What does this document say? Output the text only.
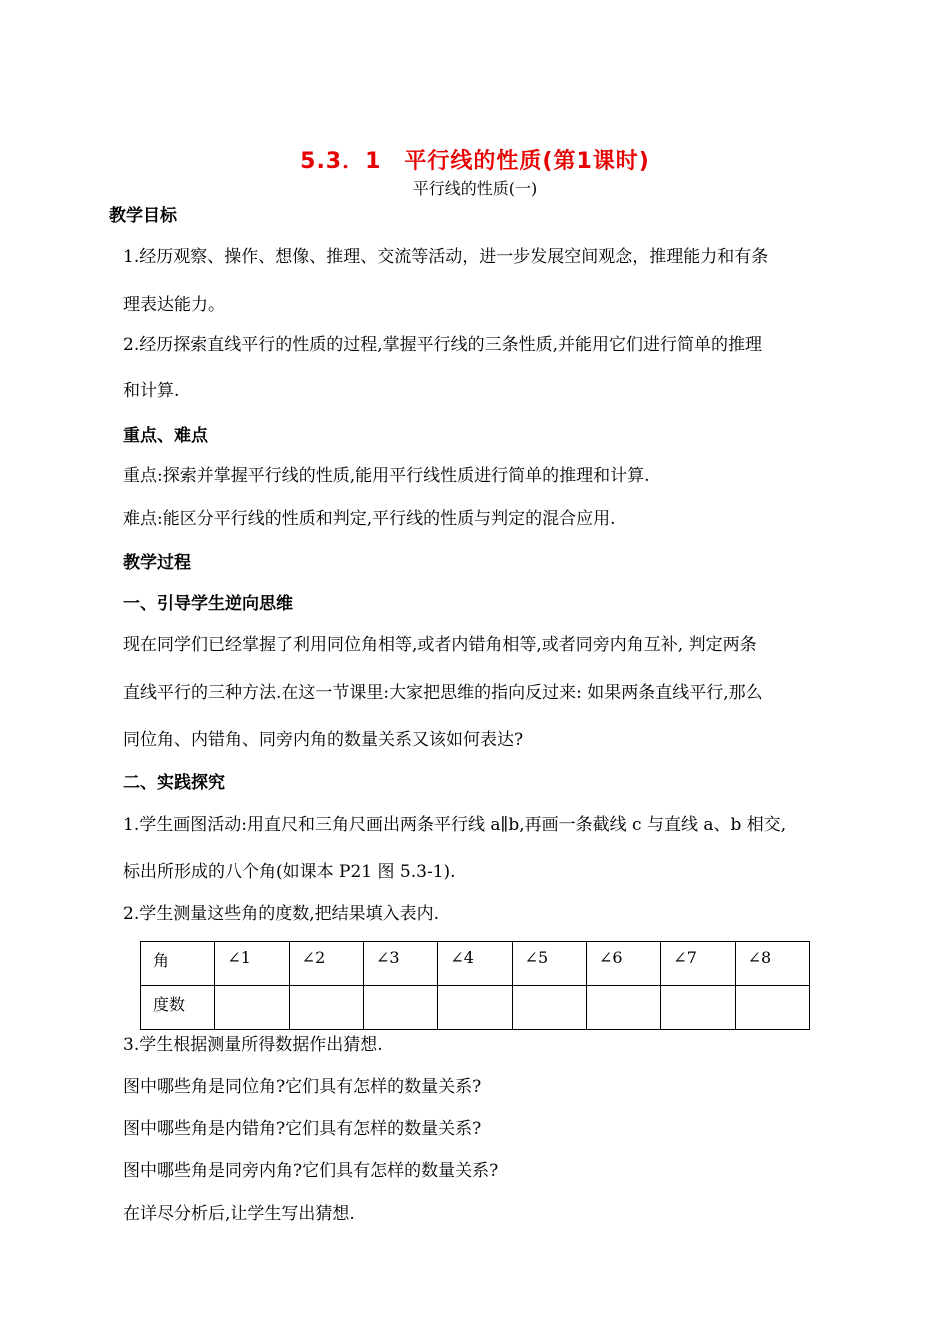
5.3．1　平行线的性质(第1课时)
平行线的性质(一)
教学目标
1.经历观察、操作、想像、推理、交流等活动，进一步发展空间观念，推理能力和有条
理表达能力。
2.经历探索直线平行的性质的过程,掌握平行线的三条性质,并能用它们进行简单的推理
和计算.
重点、难点
重点:探索并掌握平行线的性质,能用平行线性质进行简单的推理和计算.
难点:能区分平行线的性质和判定,平行线的性质与判定的混合应用.
教学过程
一、引导学生逆向思维
现在同学们已经掌握了利用同位角相等,或者内错角相等,或者同旁内角互补, 判定两条
直线平行的三种方法.在这一节课里:大家把思维的指向反过来: 如果两条直线平行,那么
同位角、内错角、同旁内角的数量关系又该如何表达?
二、实践探究
1.学生画图活动:用直尺和三角尺画出两条平行线 a∥b,再画一条截线 c 与直线 a、b 相交,
标出所形成的八个角(如课本 P21 图 5.3-1).
2.学生测量这些角的度数,把结果填入表内.
角	∠1	∠2	∠3	∠4	∠5	∠6	∠7	∠8
度数								
3.学生根据测量所得数据作出猜想.
图中哪些角是同位角?它们具有怎样的数量关系?
图中哪些角是内错角?它们具有怎样的数量关系?
图中哪些角是同旁内角?它们具有怎样的数量关系?
在详尽分析后,让学生写出猜想.
